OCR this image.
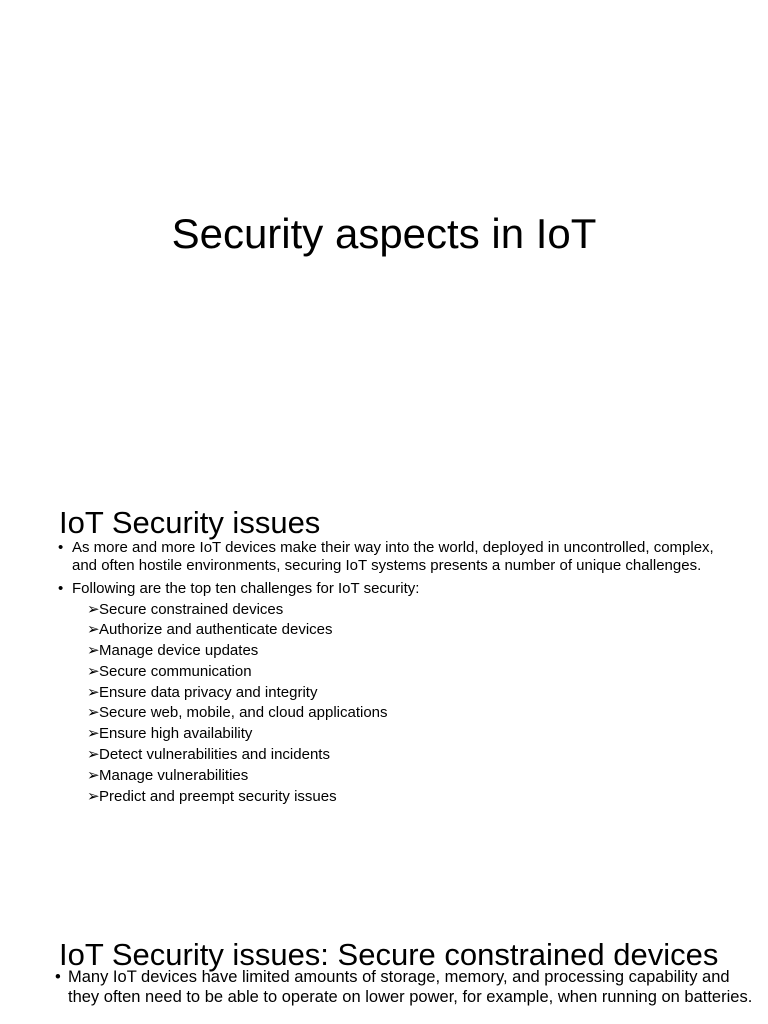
Security aspects in IoT
IoT Security issues
• As more and more IoT devices make their way into the world, deployed in uncontrolled, complex, and often hostile environments, securing IoT systems presents a number of unique challenges.
• Following are the top ten challenges for IoT security:
➢Secure constrained devices
➢Authorize and authenticate devices
➢Manage device updates
➢Secure communication
➢Ensure data privacy and integrity
➢Secure web, mobile, and cloud applications
➢Ensure high availability
➢Detect vulnerabilities and incidents
➢Manage vulnerabilities
➢Predict and preempt security issues
IoT Security issues: Secure constrained devices
• Many IoT devices have limited amounts of storage, memory, and processing capability and they often need to be able to operate on lower power, for example, when running on batteries.
